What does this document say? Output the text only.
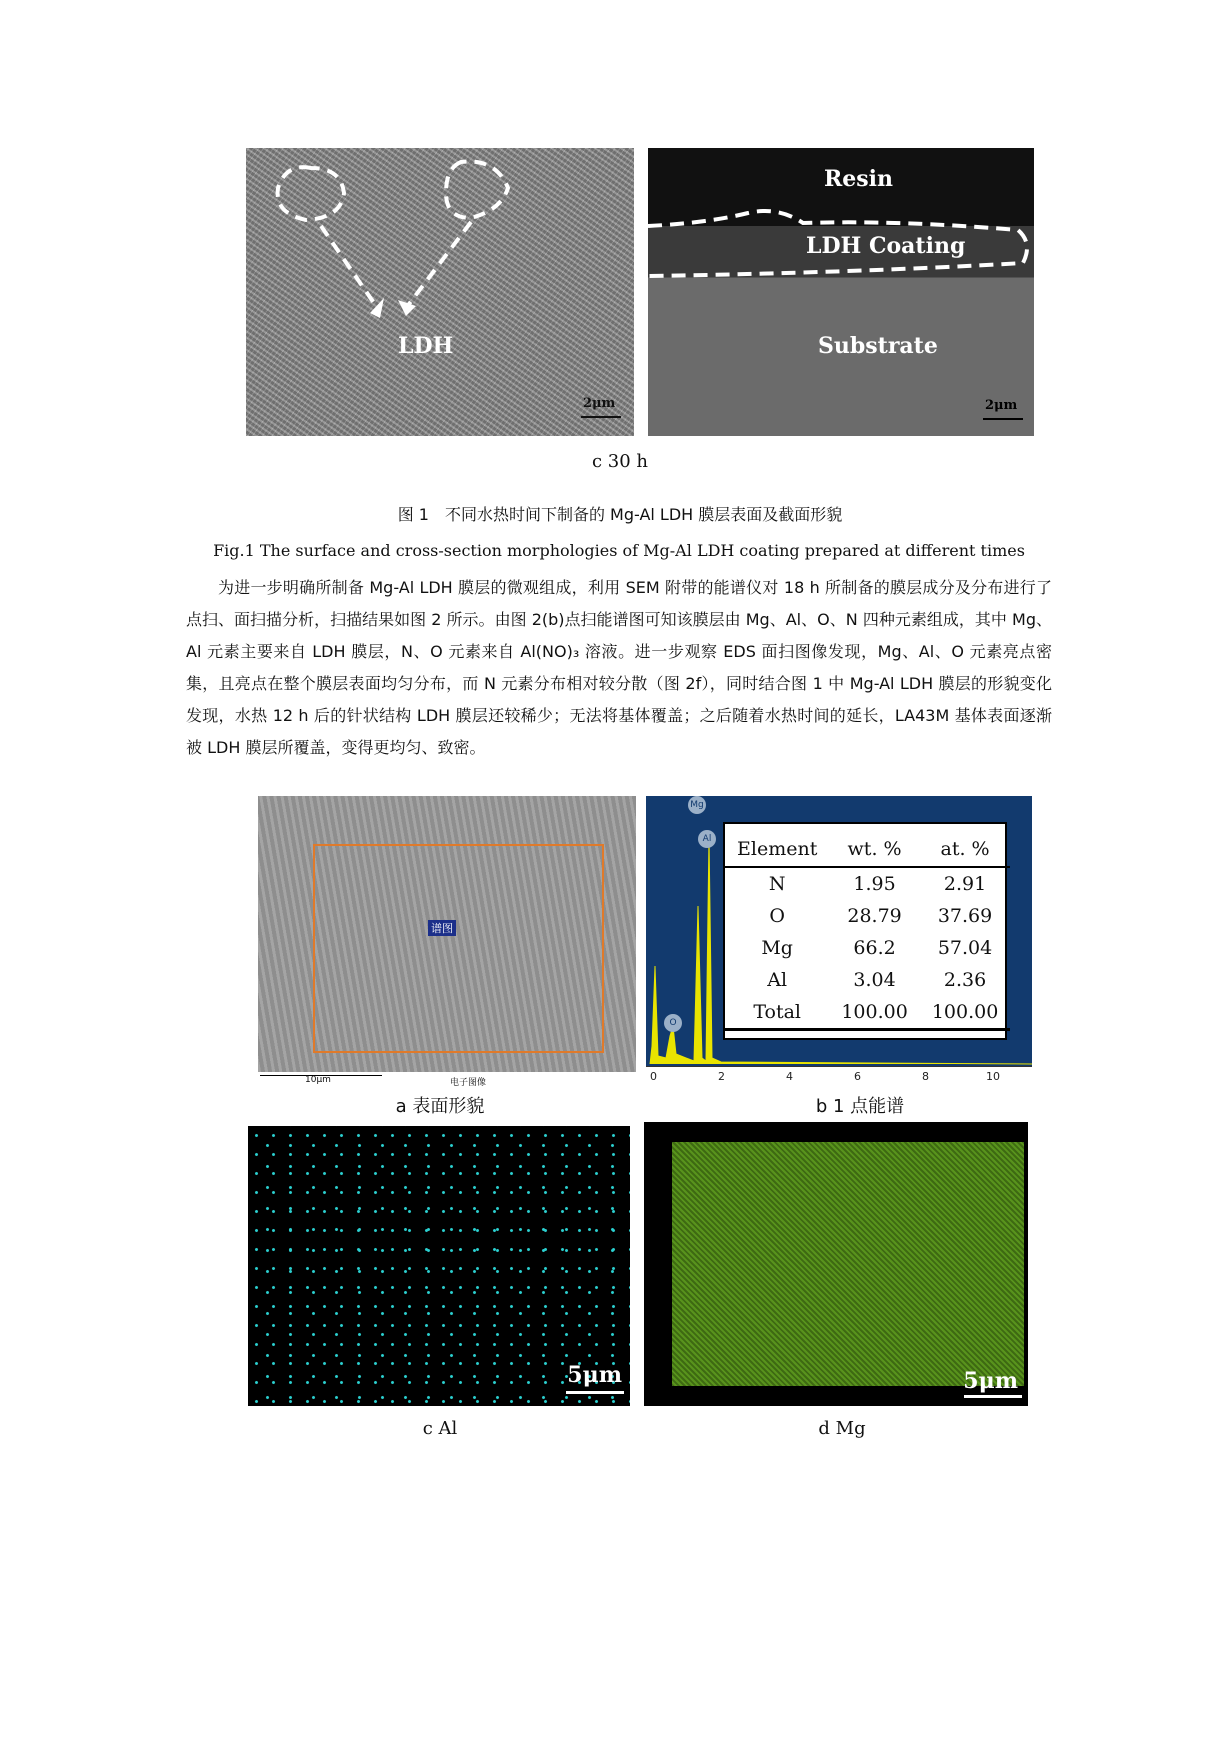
LDH
2μm
Resin
LDH Coating
Substrate
2μm
c 30 h
图 1　不同水热时间下制备的 Mg-Al LDH 膜层表面及截面形貌
Fig.1 The surface and cross-section morphologies of Mg-Al LDH coating prepared at different times

为进一步明确所制备 Mg-Al LDH 膜层的微观组成，利用 SEM 附带的能谱仪对 18 h 所制备的膜层成分及分布进行了点扫、面扫描分析，扫描结果如图 2 所示。由图 2(b)点扫能谱图可知该膜层由 Mg、Al、O、N 四种元素组成，其中 Mg、Al 元素主要来自 LDH 膜层，N、O 元素来自 Al(NO)₃ 溶液。进一步观察 EDS 面扫图像发现，Mg、Al、O 元素亮点密集，且亮点在整个膜层表面均匀分布，而 N 元素分布相对较分散（图 2f），同时结合图 1 中 Mg-Al LDH 膜层的形貌变化发现，水热 12 h 后的针状结构 LDH 膜层还较稀少；无法将基体覆盖；之后随着水热时间的延长，LA43M 基体表面逐渐被 LDH 膜层所覆盖，变得更均匀、致密。

谱图
10μm	电子图像
Mg
Al
O
Element	wt. %	at. %
N	1.95	2.91
O	28.79	37.69
Mg	66.2	57.04
Al	3.04	2.36
Total	100.00	100.00
0	2	4	6	8	10
a 表面形貌	b 1 点能谱
5μm	5μm
c Al	d Mg
